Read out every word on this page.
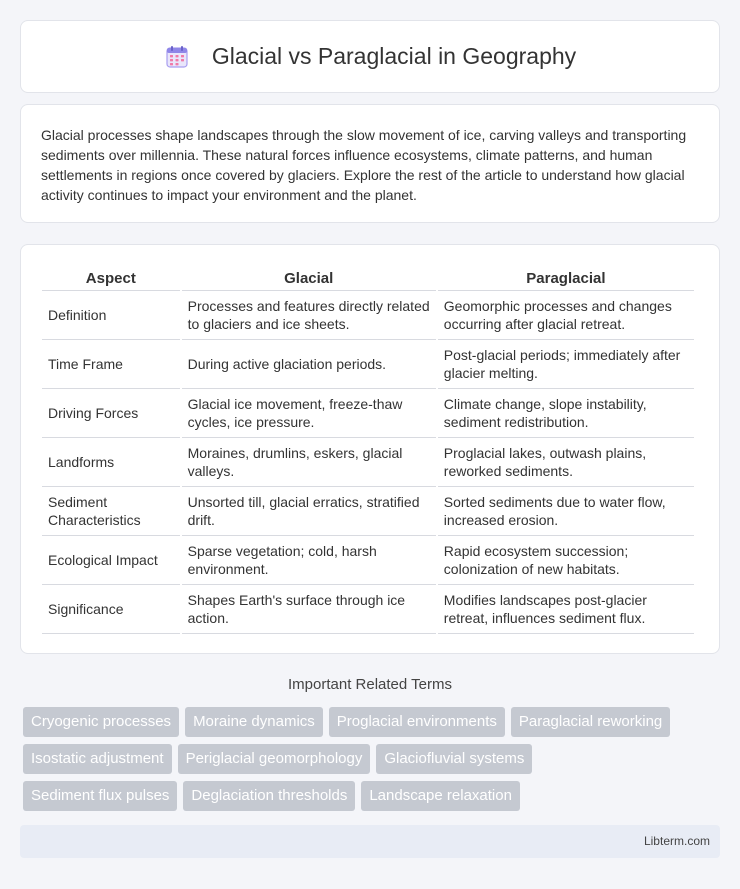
Glacial vs Paraglacial in Geography

Glacial processes shape landscapes through the slow movement of ice, carving valleys and transporting sediments over millennia. These natural forces influence ecosystems, climate patterns, and human settlements in regions once covered by glaciers. Explore the rest of the article to understand how glacial activity continues to impact your environment and the planet.

Aspect	Glacial	Paraglacial
Definition	Processes and features directly related to glaciers and ice sheets.	Geomorphic processes and changes occurring after glacial retreat.
Time Frame	During active glaciation periods.	Post-glacial periods; immediately after glacier melting.
Driving Forces	Glacial ice movement, freeze-thaw cycles, ice pressure.	Climate change, slope instability, sediment redistribution.
Landforms	Moraines, drumlins, eskers, glacial valleys.	Proglacial lakes, outwash plains, reworked sediments.
Sediment Characteristics	Unsorted till, glacial erratics, stratified drift.	Sorted sediments due to water flow, increased erosion.
Ecological Impact	Sparse vegetation; cold, harsh environment.	Rapid ecosystem succession; colonization of new habitats.
Significance	Shapes Earth's surface through ice action.	Modifies landscapes post-glacier retreat, influences sediment flux.
Important Related Terms
Cryogenic processes	Moraine dynamics	Proglacial environments	Paraglacial reworking
Isostatic adjustment	Periglacial geomorphology	Glaciofluvial systems
Sediment flux pulses	Deglaciation thresholds	Landscape relaxation
Libterm.com
